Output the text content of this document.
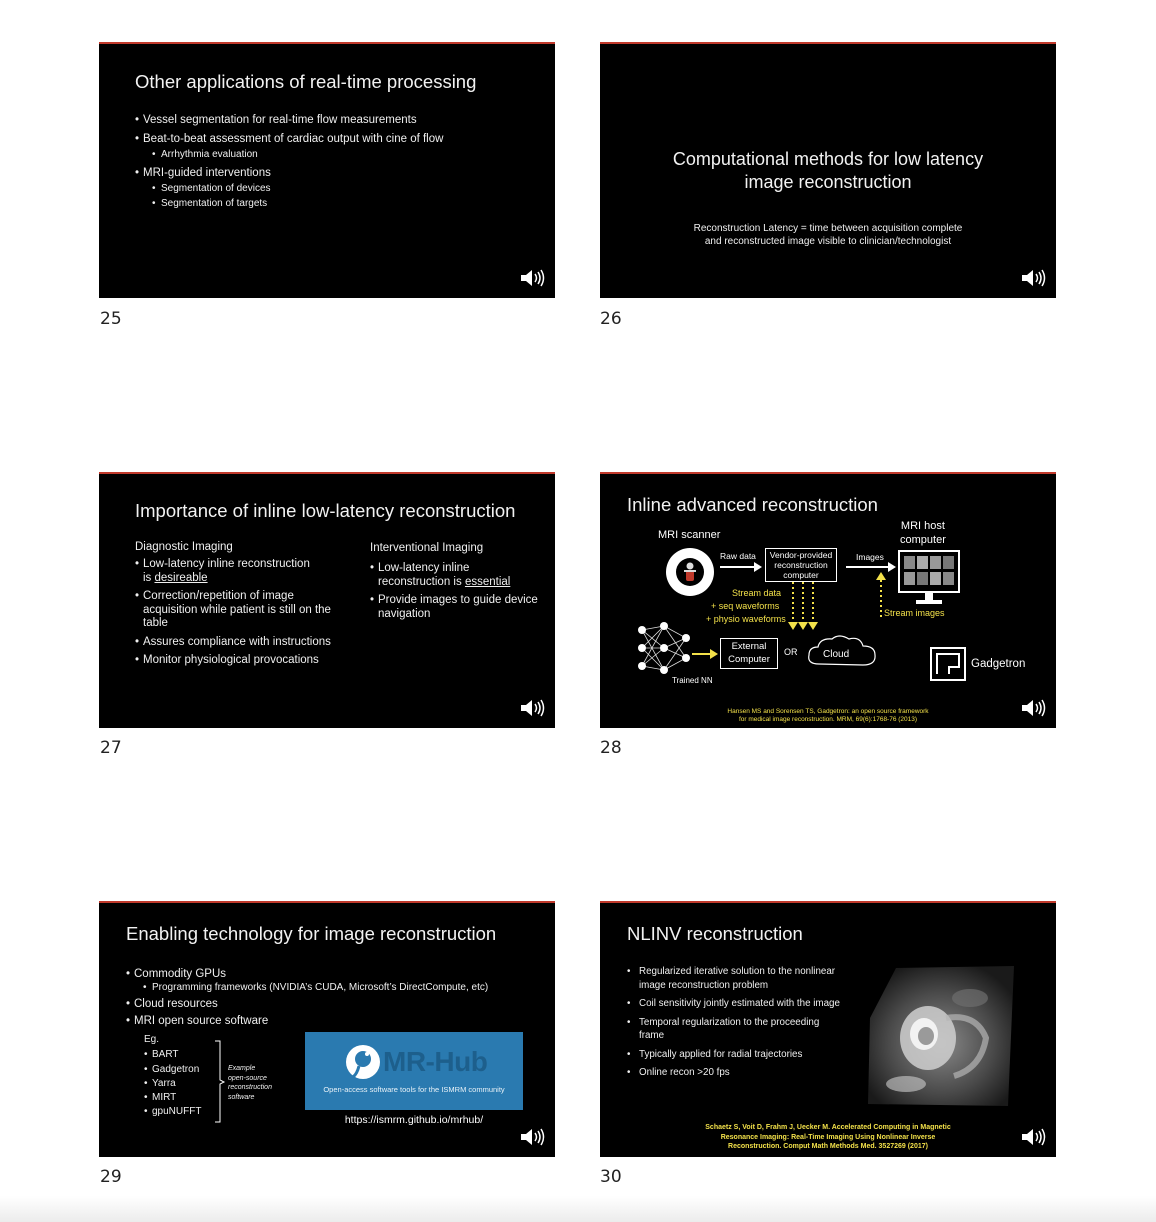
Other applications of real-time processing
• Vessel segmentation for real-time flow measurements
• Beat-to-beat assessment of cardiac output with cine of flow
• Arrhythmia evaluation
• MRI-guided interventions
• Segmentation of devices
• Segmentation of targets
25
Computational methods for low latency
image reconstruction
Reconstruction Latency = time between acquisition complete
and reconstructed image visible to clinician/technologist
26
Importance of inline low-latency reconstruction
Diagnostic Imaging
• Low-latency inline reconstruction
is desireable
• Correction/repetition of image acquisition while patient is still on the table
• Assures compliance with instructions
• Monitor physiological provocations
Interventional Imaging
• Low-latency inline
reconstruction is essential
• Provide images to guide device navigation
27
Inline advanced reconstruction
MRI scanner
Raw data	Vendor-provided
reconstruction
computer
Images
MRI host
computer
Stream data
+ seq waveforms
+ physio waveforms
Stream images
Trained NN
External
Computer
OR	Cloud
Gadgetron
Hansen MS and Sorensen TS, Gadgetron: an open source framework
for medical image reconstruction. MRM, 69(6):1768-76 (2013)
28
Enabling technology for image reconstruction
• Commodity GPUs
• Programming frameworks (NVIDIA’s CUDA, Microsoft’s DirectCompute, etc)
• Cloud resources
• MRI open source software
Eg.
• BART
• Gadgetron
• Yarra
• MIRT
• gpuNUFFT
Example
open-source
reconstruction
software
MR-Hub
Open-access software tools for the ISMRM community
https://ismrm.github.io/mrhub/
29
NLINV reconstruction
• Regularized iterative solution to the nonlinear image reconstruction problem
• Coil sensitivity jointly estimated with the image
• Temporal regularization to the proceeding frame
• Typically applied for radial trajectories
• Online recon >20 fps
Schaetz S, Voit D, Frahm J, Uecker M. Accelerated Computing in Magnetic
Resonance Imaging: Real-Time Imaging Using Nonlinear Inverse
Reconstruction. Comput Math Methods Med. 3527269 (2017)
30
